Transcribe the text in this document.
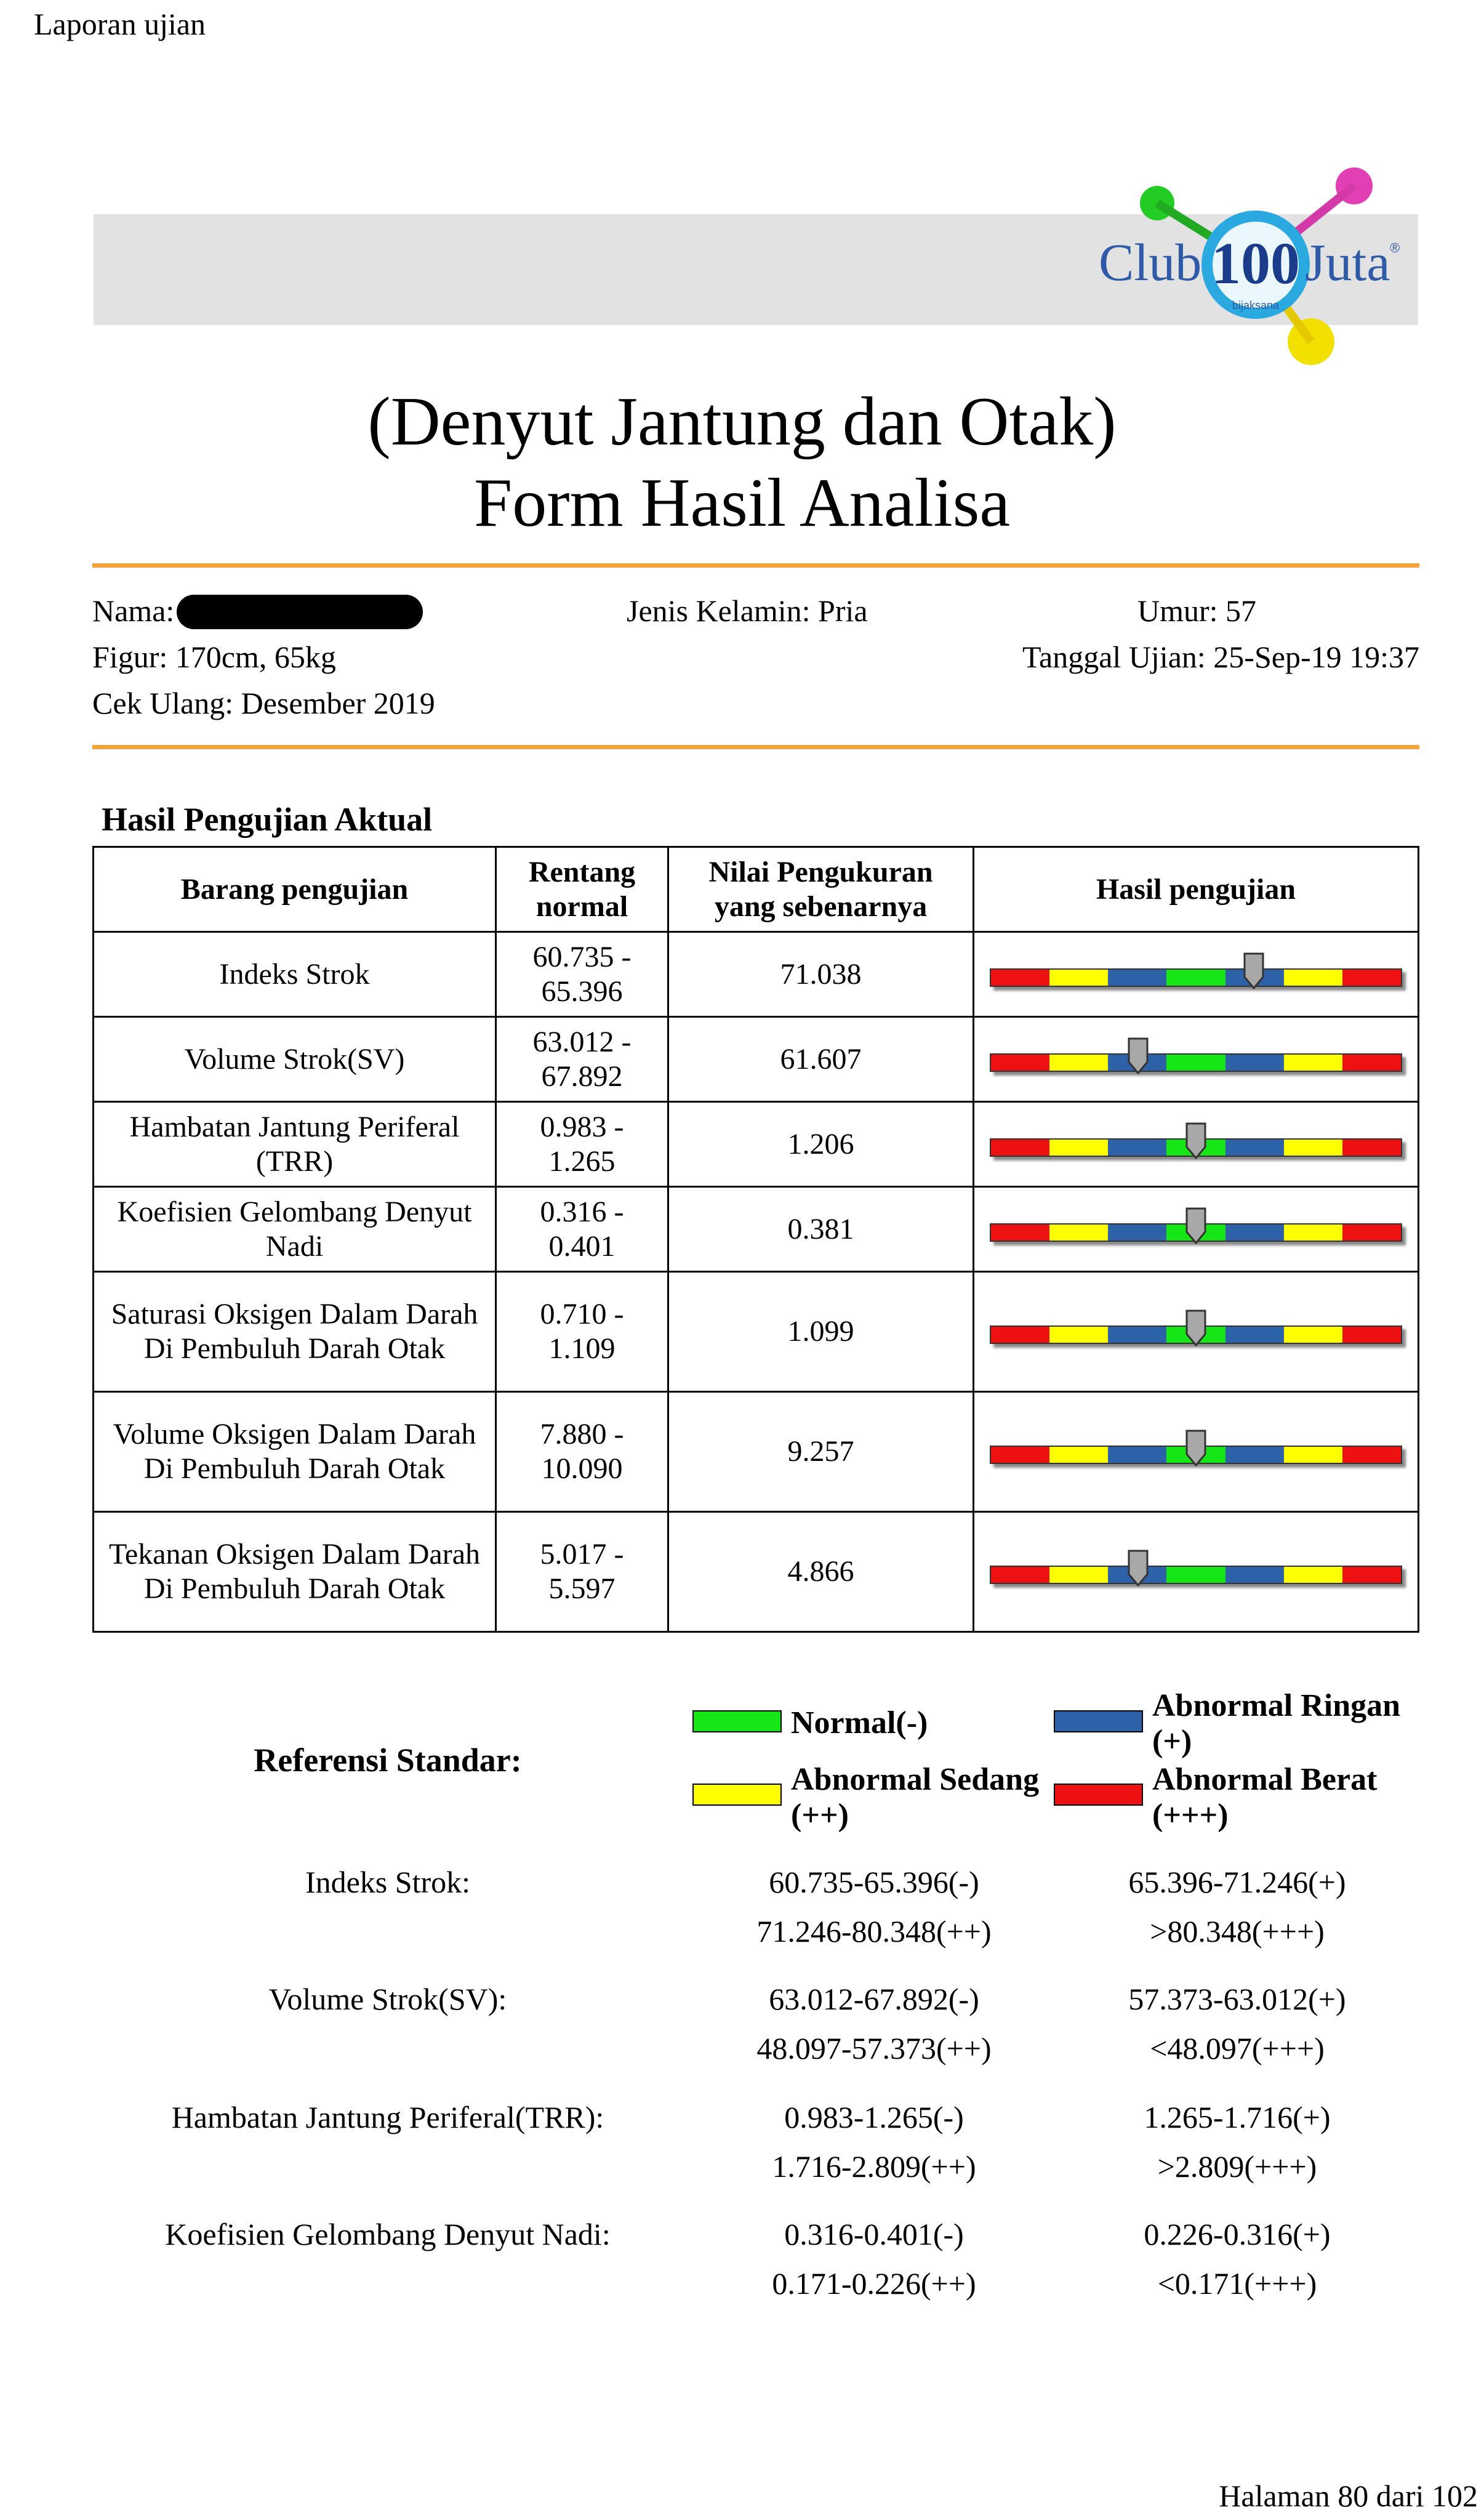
Laporan ujian
Club 100 Juta ®
bijaksana
(Denyut Jantung dan Otak)
Form Hasil Analisa
Nama:	Jenis Kelamin: Pria	Umur: 57
Figur: 170cm, 65kg	Tanggal Ujian: 25-Sep-19 19:37
Cek Ulang: Desember 2019
Hasil Pengujian Aktual
Barang pengujian	Rentang normal	Nilai Pengukuran yang sebenarnya	Hasil pengujian
Indeks Strok	60.735 - 65.396	71.038	

Volume Strok(SV)	63.012 - 67.892	61.607	

Hambatan Jantung Periferal (TRR)	0.983 - 1.265	1.206	

Koefisien Gelombang Denyut Nadi	0.316 - 0.401	0.381	

Saturasi Oksigen Dalam Darah Di Pembuluh Darah Otak	0.710 - 1.109	1.099	

Volume Oksigen Dalam Darah Di Pembuluh Darah Otak	7.880 - 10.090	9.257	

Tekanan Oksigen Dalam Darah Di Pembuluh Darah Otak	5.017 - 5.597	4.866	
Referensi Standar:
Normal(-)	Abnormal Ringan (+)
Abnormal Sedang (++)
Abnormal Berat (+++)
Indeks Strok:	60.735-65.396(-)	65.396-71.246(+)
71.246-80.348(++)	>80.348(+++)
Volume Strok(SV):	63.012-67.892(-)	57.373-63.012(+)
48.097-57.373(++)	<48.097(+++)
Hambatan Jantung Periferal(TRR):	0.983-1.265(-)	1.265-1.716(+)
1.716-2.809(++)	>2.809(+++)
Koefisien Gelombang Denyut Nadi:	0.316-0.401(-)	0.226-0.316(+)
0.171-0.226(++)	<0.171(+++)
Halaman 80 dari 102
